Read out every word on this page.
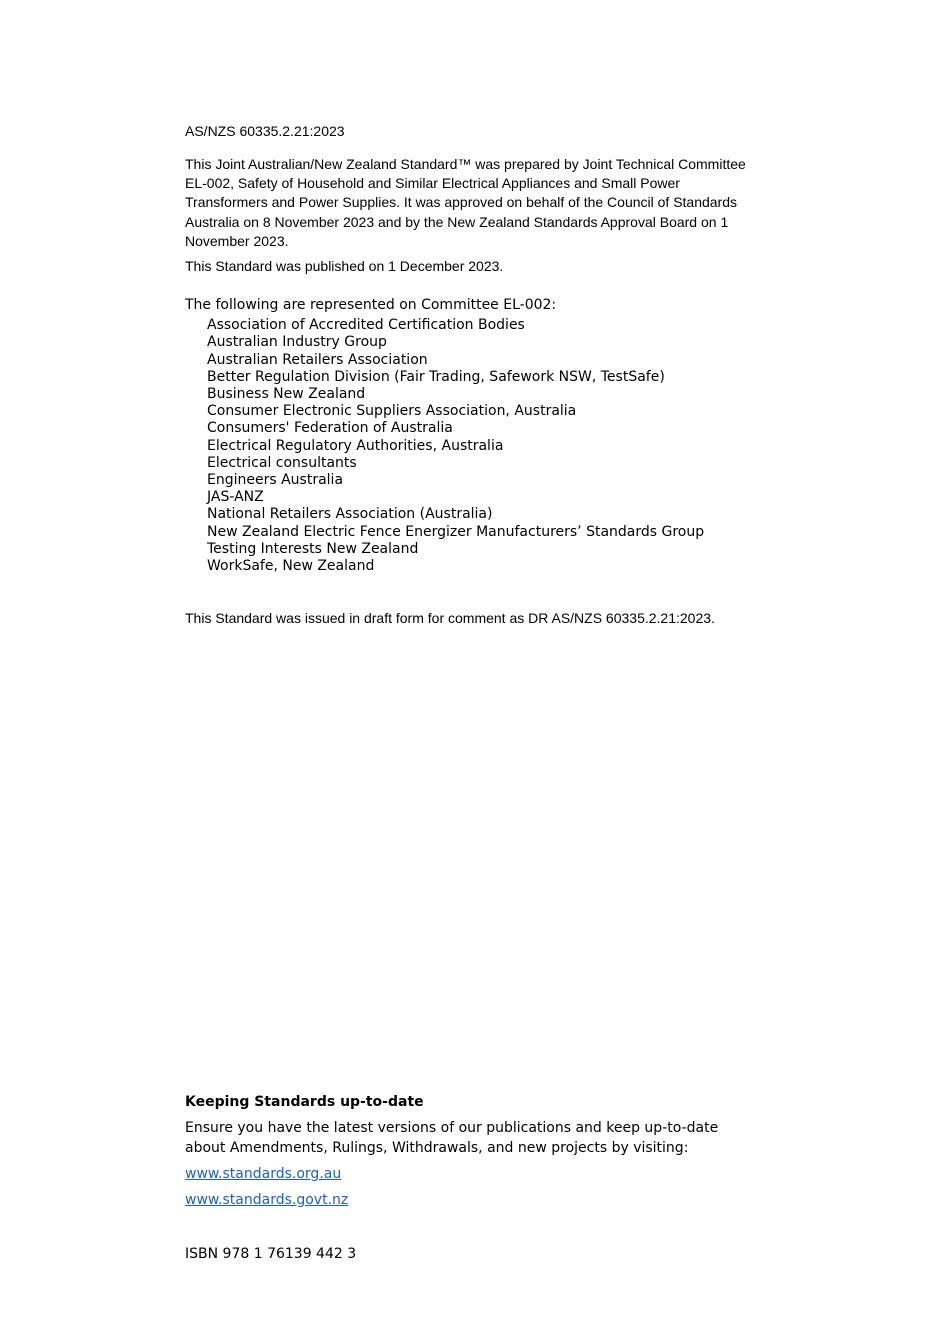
AS/NZS 60335.2.21:2023
This Joint Australian/New Zealand Standard™ was prepared by Joint Technical Committee EL-002, Safety of Household and Similar Electrical Appliances and Small Power Transformers and Power Supplies. It was approved on behalf of the Council of Standards Australia on 8 November 2023 and by the New Zealand Standards Approval Board on 1 November 2023.
This Standard was published on 1 December 2023.
The following are represented on Committee EL-002:
Association of Accredited Certification Bodies
Australian Industry Group
Australian Retailers Association
Better Regulation Division (Fair Trading, Safework NSW, TestSafe)
Business New Zealand
Consumer Electronic Suppliers Association, Australia
Consumers' Federation of Australia
Electrical Regulatory Authorities, Australia
Electrical consultants
Engineers Australia
JAS-ANZ
National Retailers Association (Australia)
New Zealand Electric Fence Energizer Manufacturers’ Standards Group
Testing Interests New Zealand
WorkSafe, New Zealand
This Standard was issued in draft form for comment as DR AS/NZS 60335.2.21:2023.
Keeping Standards up-to-date

Ensure you have the latest versions of our publications and keep up-to-date about Amendments, Rulings, Withdrawals, and new projects by visiting:

www.standards.org.au
www.standards.govt.nz
ISBN 978 1 76139 442 3
